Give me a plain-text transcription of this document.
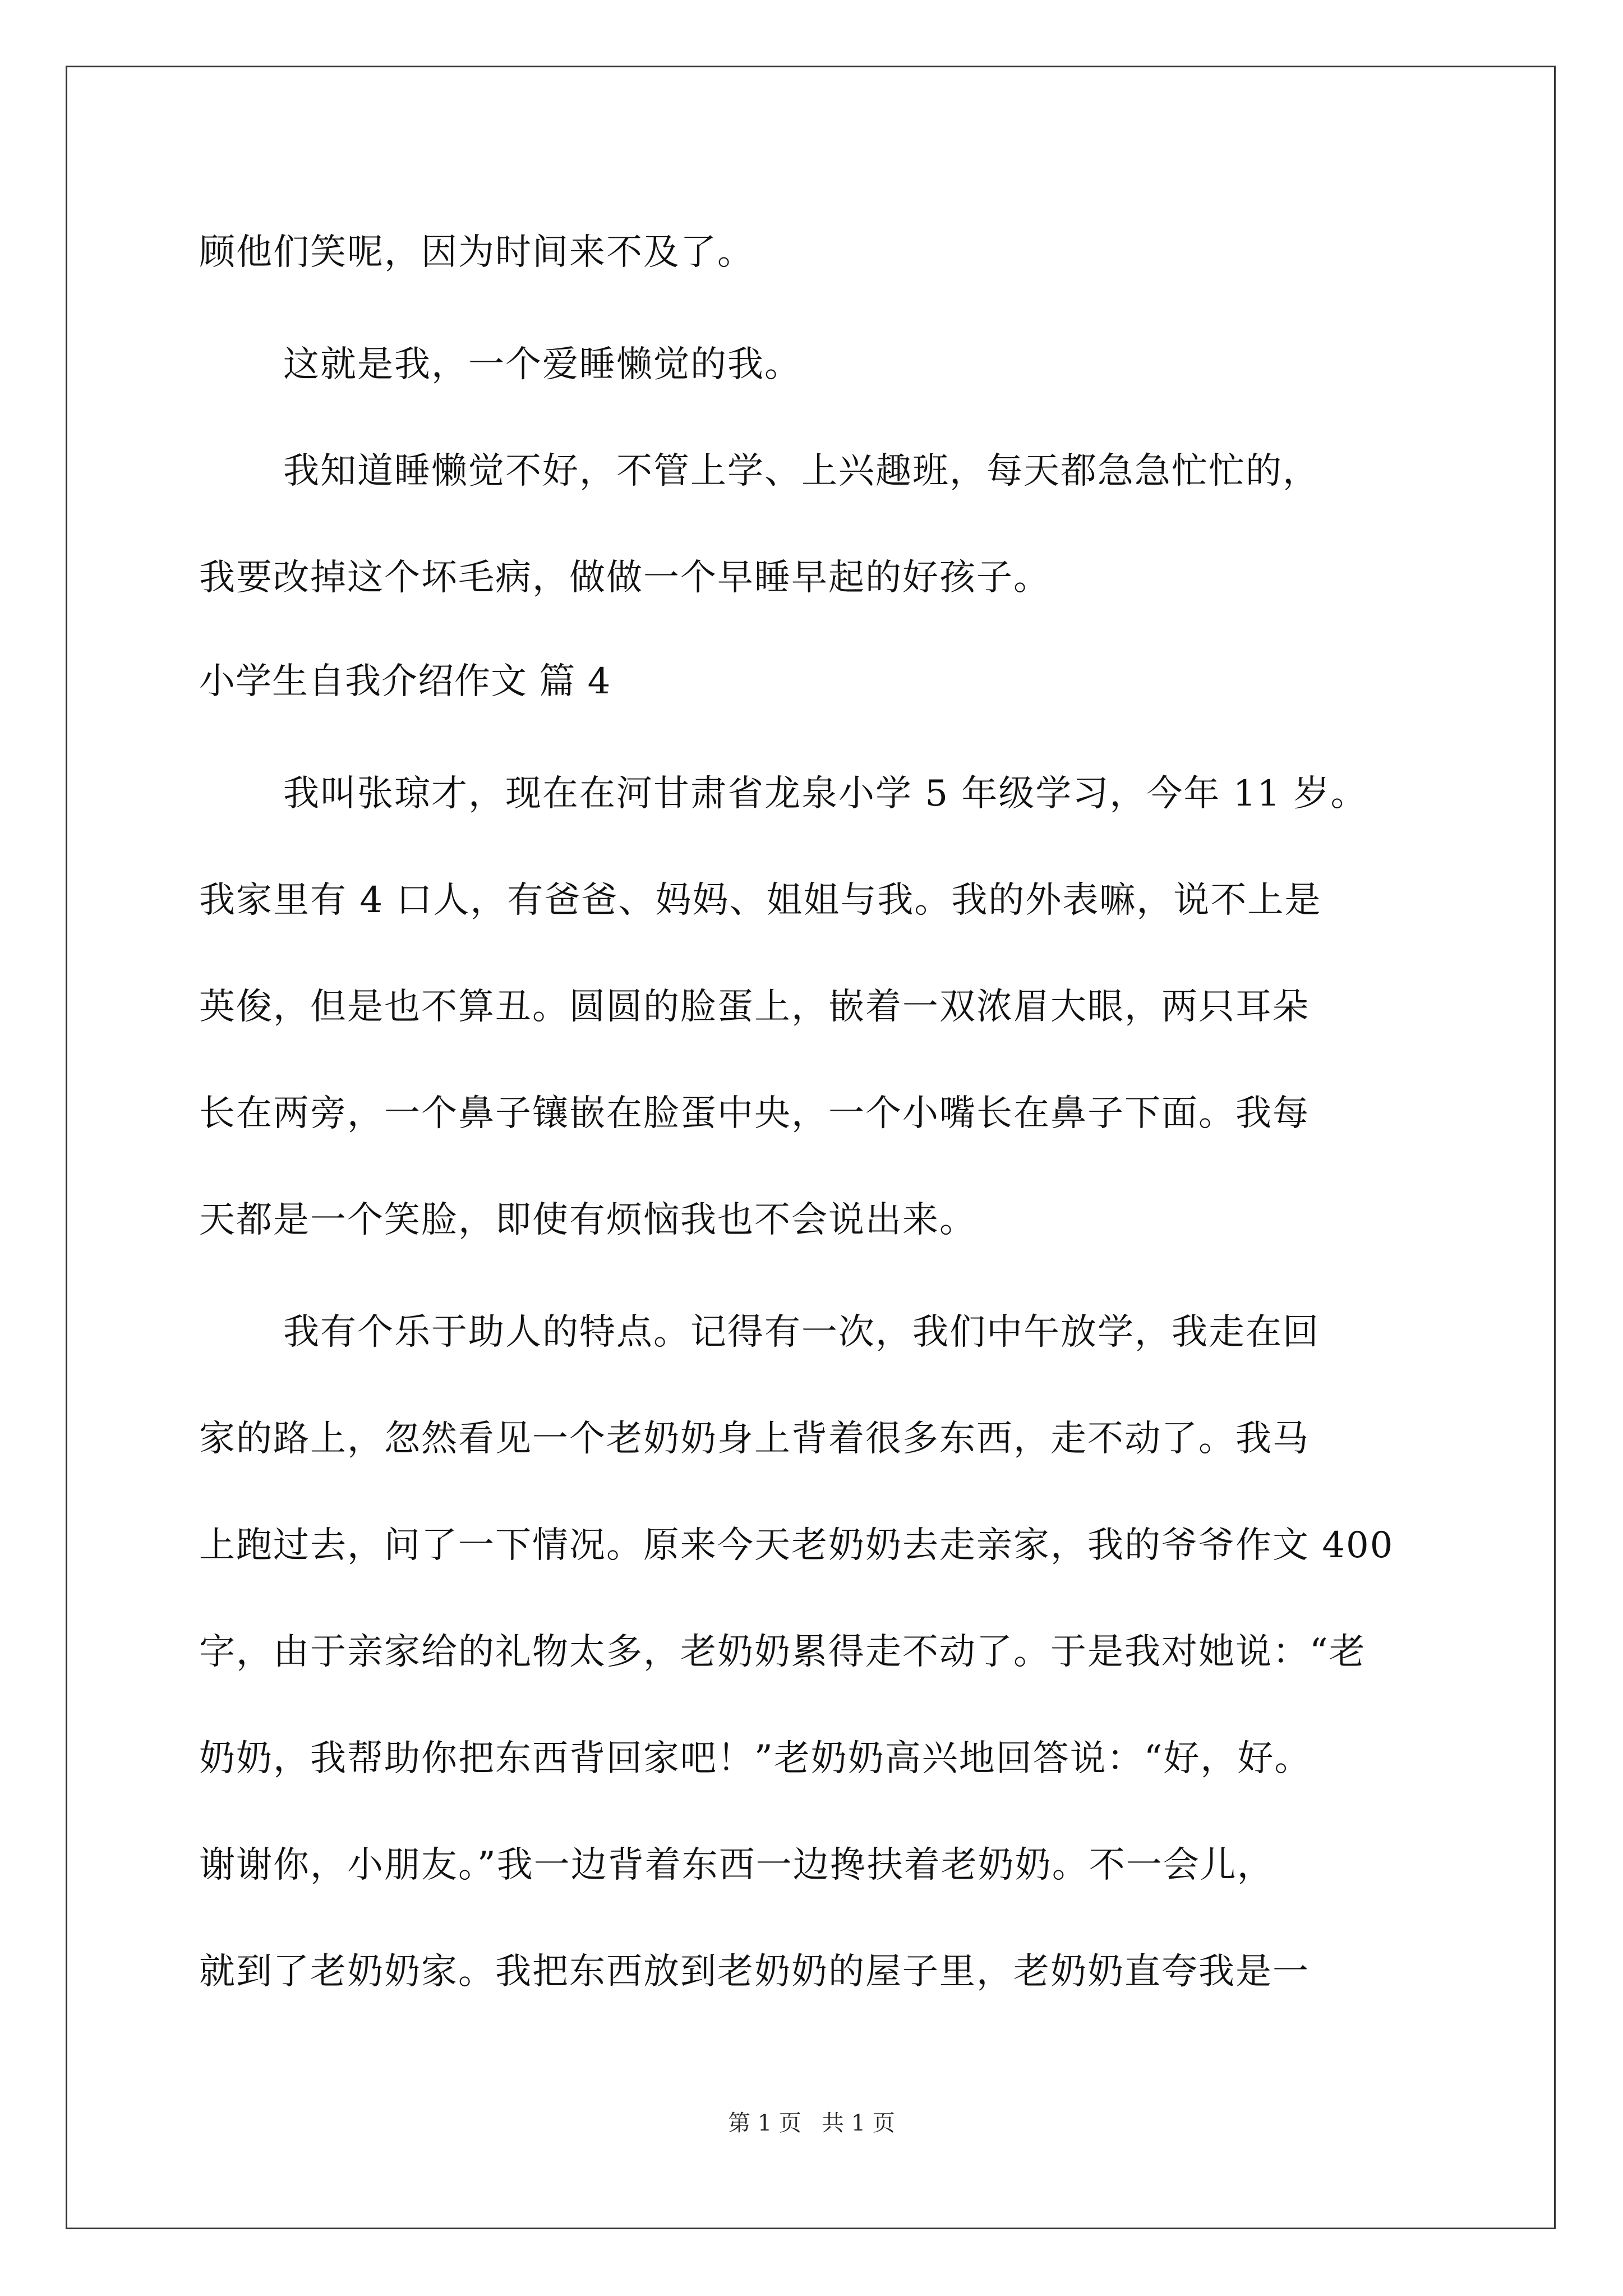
顾他们笑呢，因为时间来不及了。
这就是我，一个爱睡懒觉的我。
我知道睡懒觉不好，不管上学、上兴趣班，每天都急急忙忙的，
我要改掉这个坏毛病，做做一个早睡早起的好孩子。
小学生自我介绍作文 篇 4
我叫张琼才，现在在河甘肃省龙泉小学 5 年级学习，今年 11 岁。
我家里有 4 口人，有爸爸、妈妈、姐姐与我。我的外表嘛，说不上是
英俊，但是也不算丑。圆圆的脸蛋上，嵌着一双浓眉大眼，两只耳朵
长在两旁，一个鼻子镶嵌在脸蛋中央，一个小嘴长在鼻子下面。我每
天都是一个笑脸，即使有烦恼我也不会说出来。
我有个乐于助人的特点。记得有一次，我们中午放学，我走在回
家的路上，忽然看见一个老奶奶身上背着很多东西，走不动了。我马
上跑过去，问了一下情况。原来今天老奶奶去走亲家，我的爷爷作文 400
字，由于亲家给的礼物太多，老奶奶累得走不动了。于是我对她说：“老
奶奶，我帮助你把东西背回家吧！”老奶奶高兴地回答说：“好，好。
谢谢你，小朋友。”我一边背着东西一边搀扶着老奶奶。不一会儿，
就到了老奶奶家。我把东西放到老奶奶的屋子里，老奶奶直夸我是一
第 1 页 共 1 页
